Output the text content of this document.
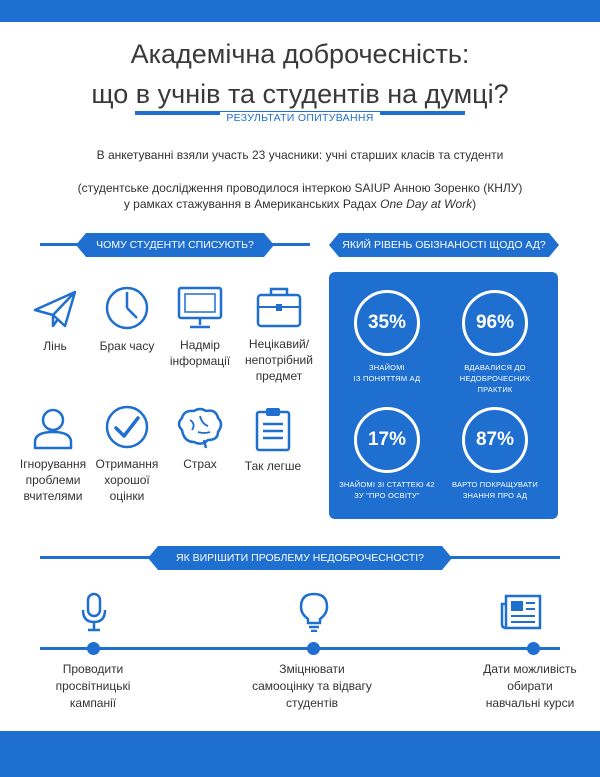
Академічна доброчесність:
що в учнів та студентів на думці?
РЕЗУЛЬТАТИ ОПИТУВАННЯ
В анкетуванні взяли участь 23 учасники: учні старших класів та студенти
(студентське дослідження проводилося інтеркою SAIUP Анною Зоренко (КНЛУ)
у рамках стажування в Американських Радах One Day at Work)
ЧОМУ СТУДЕНТИ СПИСУЮТЬ?	ЯКИЙ РІВЕНЬ ОБІЗНАНОСТІ ЩОДО АД?
Лінь	Брак часу	Надмір
інформації
Нецікавий/
непотрібний
предмет
Ігнорування
проблеми
вчителями
Отримання
хорошої
оцінки
Страх	Так легше
35%
ЗНАЙОМІ
ІЗ ПОНЯТТЯМ АД
96%
ВДАВАЛИСЯ ДО
НЕДОБРОЧЕСНИХ
ПРАКТИК
17%
ЗНАЙОМІ ЗІ СТАТТЕЮ 42
ЗУ "ПРО ОСВІТУ"
87%
ВАРТО ПОКРАЩУВАТИ
ЗНАННЯ ПРО АД
ЯК ВИРІШИТИ ПРОБЛЕМУ НЕДОБРОЧЕСНОСТІ?
Проводити
просвітницькі
кампанії
Зміцнювати
самооцінку та відвагу
студентів
Дати можливість
обирати
навчальні курси
